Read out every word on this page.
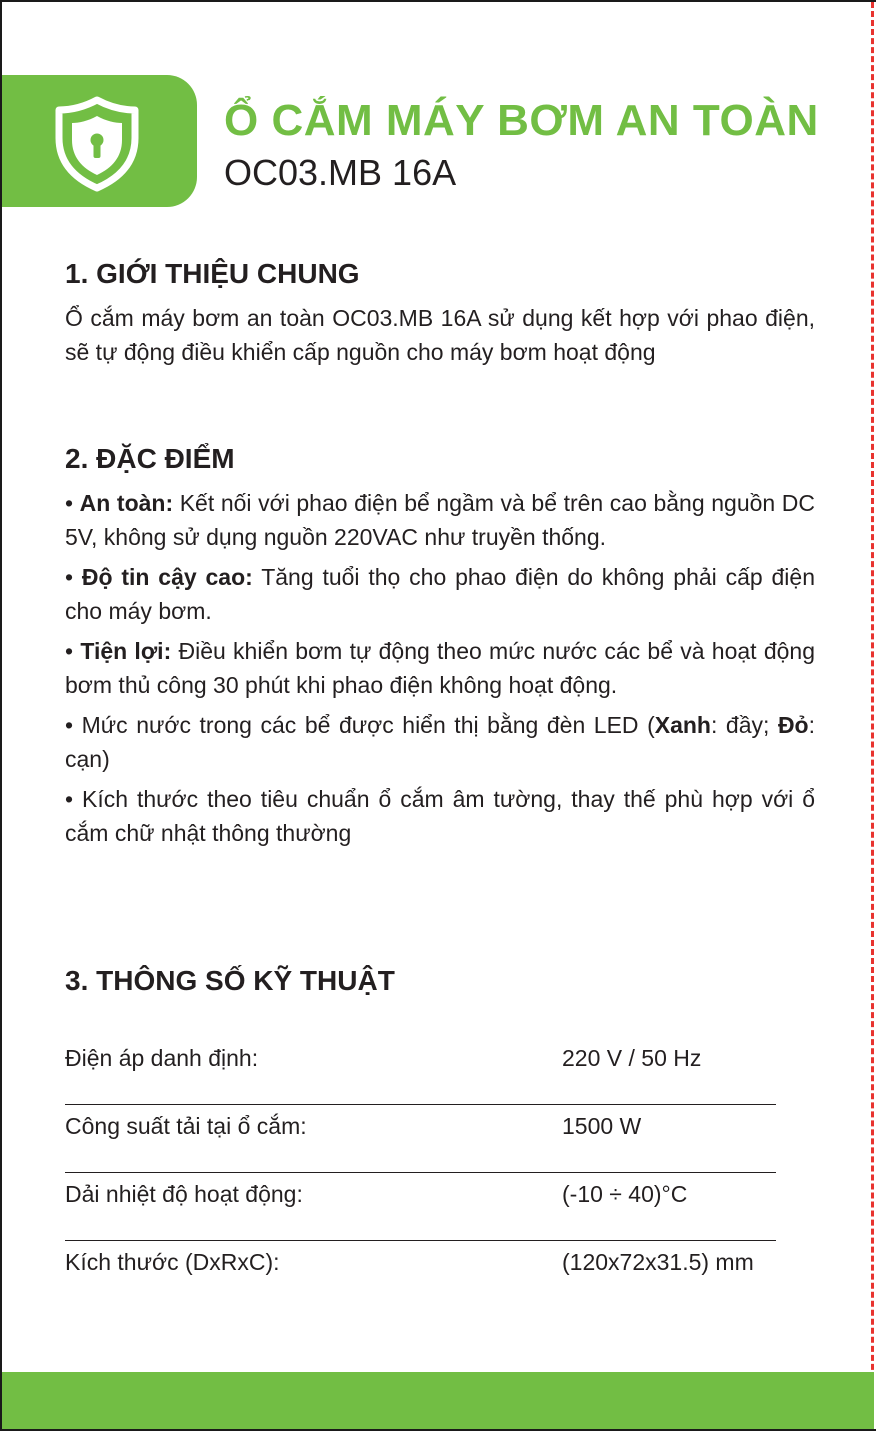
Ổ CẮM MÁY BƠM AN TOÀN
OC03.MB 16A
1. GIỚI THIỆU CHUNG

Ổ cắm máy bơm an toàn OC03.MB 16A sử dụng kết hợp với phao điện, sẽ tự động điều khiển cấp nguồn cho máy bơm hoạt động

2. ĐẶC ĐIỂM

• An toàn: Kết nối với phao điện bể ngầm và bể trên cao bằng nguồn DC 5V, không sử dụng nguồn 220VAC như truyền thống.

• Độ tin cậy cao: Tăng tuổi thọ cho phao điện do không phải cấp điện cho máy bơm.

• Tiện lợi: Điều khiển bơm tự động theo mức nước các bể và hoạt động bơm thủ công 30 phút khi phao điện không hoạt động.

• Mức nước trong các bể được hiển thị bằng đèn LED (Xanh: đầy; Đỏ: cạn)

• Kích thước theo tiêu chuẩn ổ cắm âm tường, thay thế phù hợp với ổ cắm chữ nhật thông thường

3. THÔNG SỐ KỸ THUẬT
Điện áp danh định:	220 V / 50 Hz
Công suất tải tại ổ cắm:	1500 W
Dải nhiệt độ hoạt động:	(-10 ÷ 40)°C
Kích thước (DxRxC):	(120x72x31.5) mm
